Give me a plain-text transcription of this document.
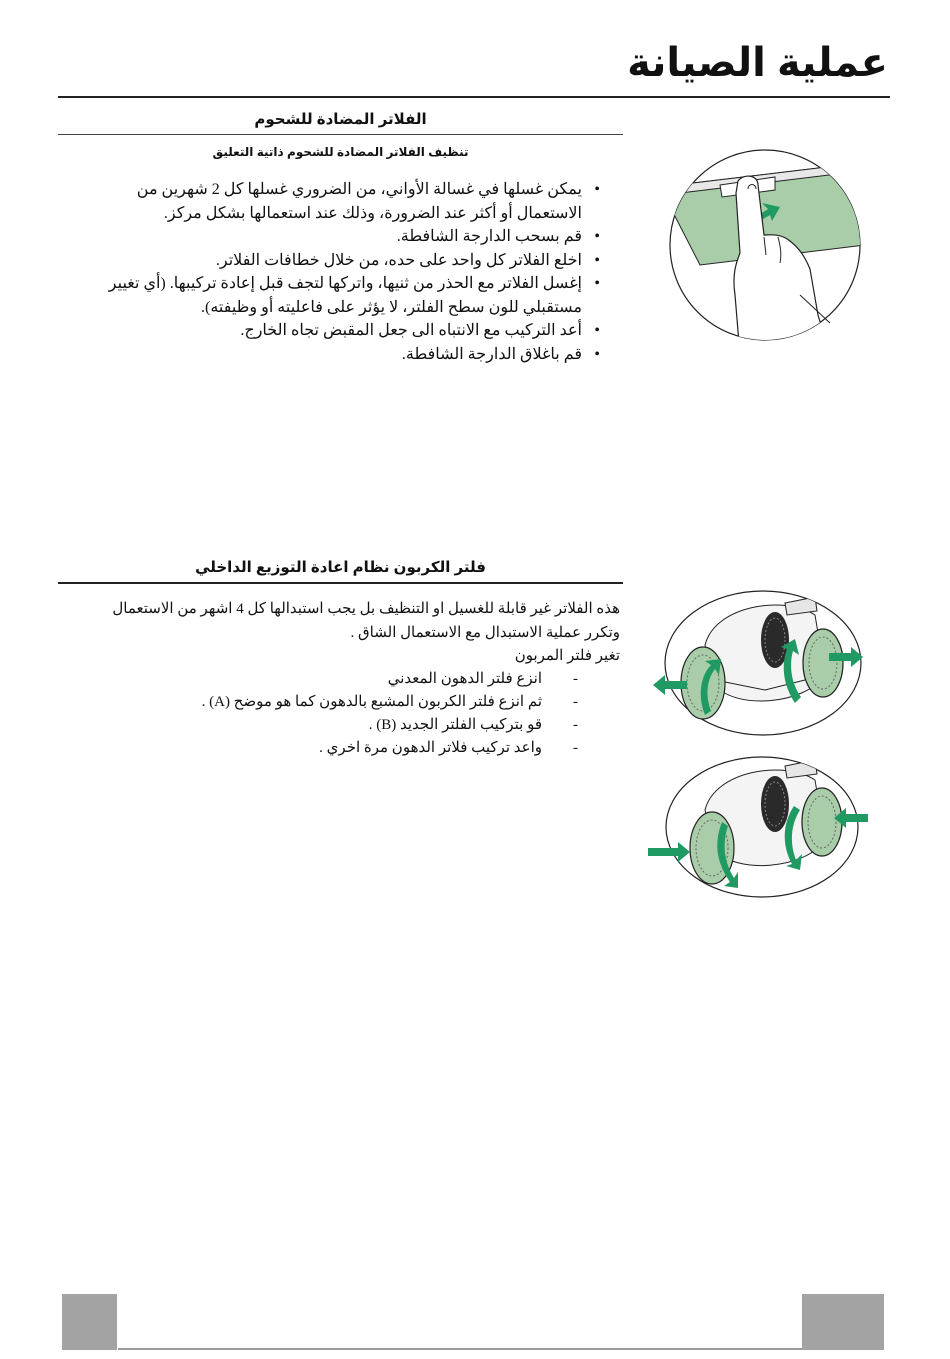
عملية الصيانة
الفلاتر المضادة للشحوم
تنظيف الفلاتر المضادة للشحوم ذاتية التعليق
• يمكن غسلها في غسالة الأواني، من الضروري غسلها كل 2 شهرين من الاستعمال أو أكثر عند الضرورة، وذلك عند استعمالها بشكل مركز.
• قم بسحب الدارجة الشافطة.
• اخلع الفلاتر كل واحد على حده، من خلال خطافات الفلاتر.
• إغسل الفلاتر مع الحذر من ثنيها، واتركها لتجف قبل إعادة تركيبها. (أي تغيير مستقبلي للون سطح الفلتر، لا يؤثر على فاعليته أو وظيفته).
• أعد التركيب مع الانتباه الى جعل المقبض تجاه الخارج.
• قم باغلاق الدارجة الشافطة.
فلتر الكربون نظام اعادة التوزيع الداخلي
هذه الفلاتر غير قابلة للغسيل او التنظيف بل يجب استبدالها كل 4 اشهر من الاستعمال
وتكرر عملية الاستبدال مع الاستعمال الشاق .
تغير فلتر المربون
- انزع فلتر الدهون المعدني
- ثم انزع فلتر الكربون المشبع بالدهون كما هو موضح (A) .
- قو بتركيب الفلتر الجديد (B) .
- واعد تركيب فلاتر الدهون مرة اخري .
